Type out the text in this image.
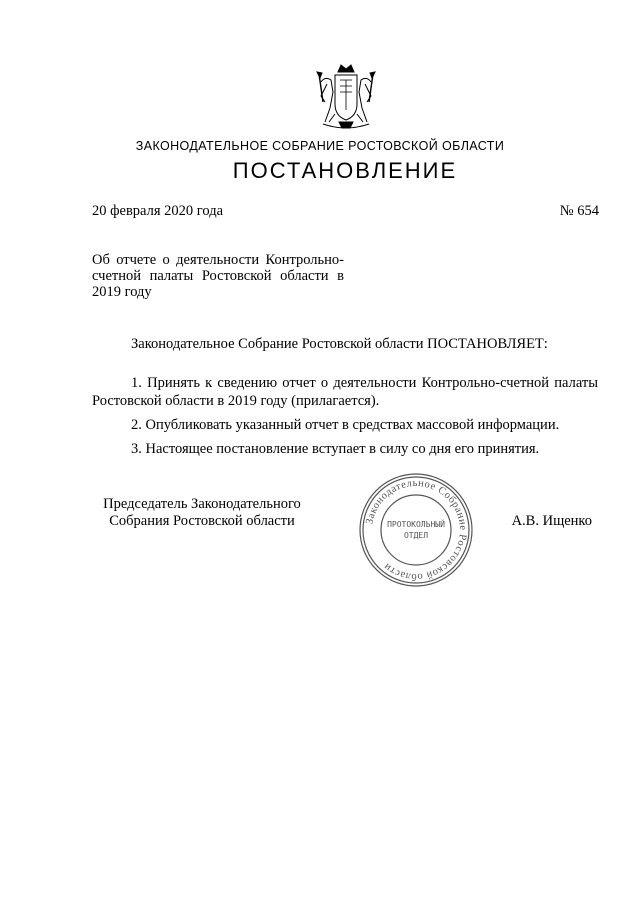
ЗАКОНОДАТЕЛЬНОЕ СОБРАНИЕ РОСТОВСКОЙ ОБЛАСТИ
ПОСТАНОВЛЕНИЕ
20 февраля 2020 года	№ 654
Об отчете о деятельности Контрольно-счетной палаты Ростовской области в 2019 году
Законодательное Собрание Ростовской области ПОСТАНОВЛЯЕТ:
1. Принять к сведению отчет о деятельности Контрольно-счетной палаты Ростовской области в 2019 году (прилагается).
2. Опубликовать указанный отчет в средствах массовой информации.
3. Настоящее постановление вступает в силу со дня его принятия.
Председатель Законодательного
Собрания Ростовской области	А.В. Ищенко
Законодательное Собрание Ростовской области
ПРОТОКОЛЬНЫЙ
ОТДЕЛ
